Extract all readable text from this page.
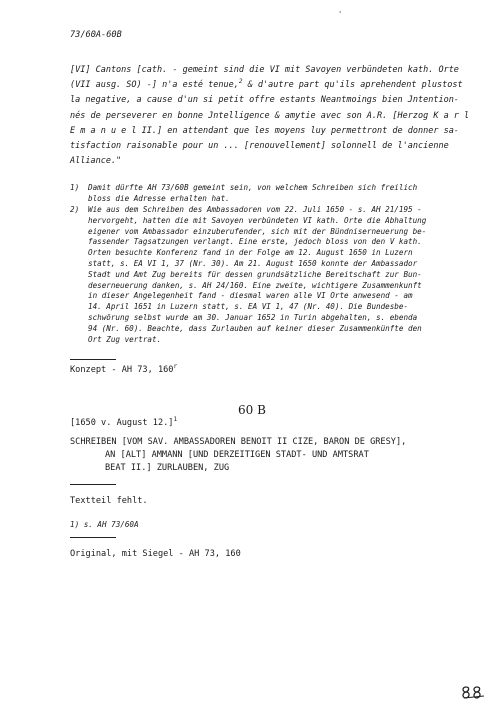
73/60A-60B
'
[VI] Cantons [cath. - gemeint sind die VI mit Savoyen verbündeten kath. Orte
(VII ausg. SO) -] n'a esté tenue,$^2$ & d'autre part qu'ils aprehendent plustost
la negative, a cause d'un si petit offre estants Neantmoings bien Jntention-
nés de perseverer en bonne Jntelligence & amytie avec son A.R. [Herzog K a r l
E m a n u e l II.] en attendant que les moyens luy permettront de donner sa-
tisfaction raisonable pour un ... [renouvellement] solonnell de l'ancienne
Alliance."
1) Damit dürfte AH 73/60B gemeint sein, von welchem Schreiben sich freilich
bloss die Adresse erhalten hat.
2) Wie aus dem Schreiben des Ambassadoren vom 22. Juli 1650 - s. AH 21/195 -
hervorgeht, hatten die mit Savoyen verbündeten VI kath. Orte die Abhaltung
eigener vom Ambassador einzuberufender, sich mit der Bündniserneuerung be-
fassender Tagsatzungen verlangt. Eine erste, jedoch bloss von den V kath.
Orten besuchte Konferenz fand in der Folge am 12. August 1650 in Luzern
statt, s. EA VI 1, 37 (Nr. 30). Am 21. August 1650 konnte der Ambassador
Stadt und Amt Zug bereits für dessen grundsätzliche Bereitschaft zur Bun-
deserneuerung danken, s. AH 24/160. Eine zweite, wichtigere Zusammenkunft
in dieser Angelegenheit fand - diesmal waren alle VI Orte anwesend - am
14. April 1651 in Luzern statt, s. EA VI 1, 47 (Nr. 40). Die Bundesbe-
schwörung selbst wurde am 30. Januar 1652 in Turin abgehalten, s. ebenda
94 (Nr. 60). Beachte, dass Zurlauben auf keiner dieser Zusammenkünfte den
Ort Zug vertrat.
Konzept - AH 73, 160$^r$
60 B
[1650 v. August 12.]$^1$
SCHREIBEN [VOM SAV. AMBASSADOREN BENOIT II CIZE, BARON DE GRESY],
AN [ALT] AMMANN [UND DERZEITIGEN STADT- UND AMTSRAT
BEAT II.] ZURLAUBEN, ZUG
Textteil fehlt.
1) s. AH 73/60A
Original, mit Siegel - AH 73, 160
